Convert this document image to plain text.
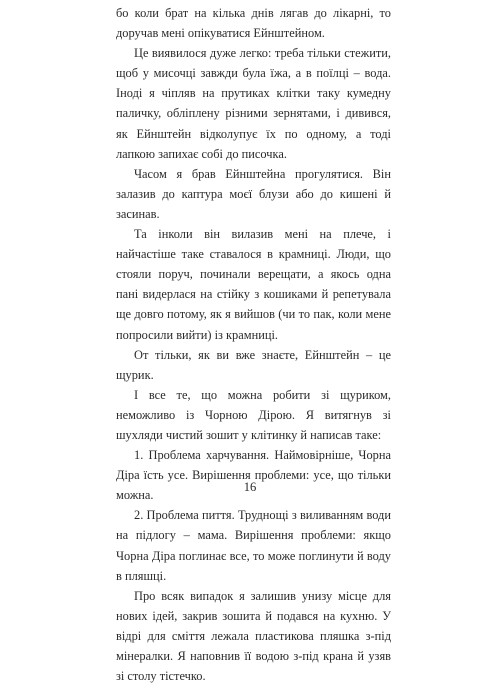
бо коли брат на кілька днів лягав до лікарні, то доручав мені опікуватися Ейнштейном.

Це виявилося дуже легко: треба тільки стежити, щоб у мисочці завжди була їжа, а в поїлці – вода. Іноді я чіпляв на прутиках клітки таку кумедну паличку, обліплену різними зернятами, і дивився, як Ейнштейн відколупує їх по одному, а тоді лапкою запихає собі до писочка.

Часом я брав Ейнштейна прогулятися. Він залазив до каптура моєї блузи або до кишені й засинав.

Та інколи він вилазив мені на плече, і найчастіше таке ставалося в крамниці. Люди, що стояли поруч, починали верещати, а якось одна пані видерлася на стійку з кошиками й репетувала ще довго потому, як я вийшов (чи то пак, коли мене попросили вийти) із крамниці.

От тільки, як ви вже знаєте, Ейнштейн – це щурик.

І все те, що можна робити зі щуриком, неможливо із Чорною Дірою. Я витягнув зі шухляди чистий зошит у клітинку й написав таке:

1. Проблема харчування. Наймовірніше, Чорна Діра їсть усе. Вирішення проблеми: усе, що тільки можна.

2. Проблема пиття. Труднощі з виливанням води на підлогу – мама. Вирішення проблеми: якщо Чорна Діра поглинає все, то може поглинути й воду в пляшці.

Про всяк випадок я залишив унизу місце для нових ідей, закрив зошита й подався на кухню. У відрі для сміття лежала пластикова пляшка з-під мінералки. Я наповнив її водою з-під крана й узяв зі столу тістечко.

16
